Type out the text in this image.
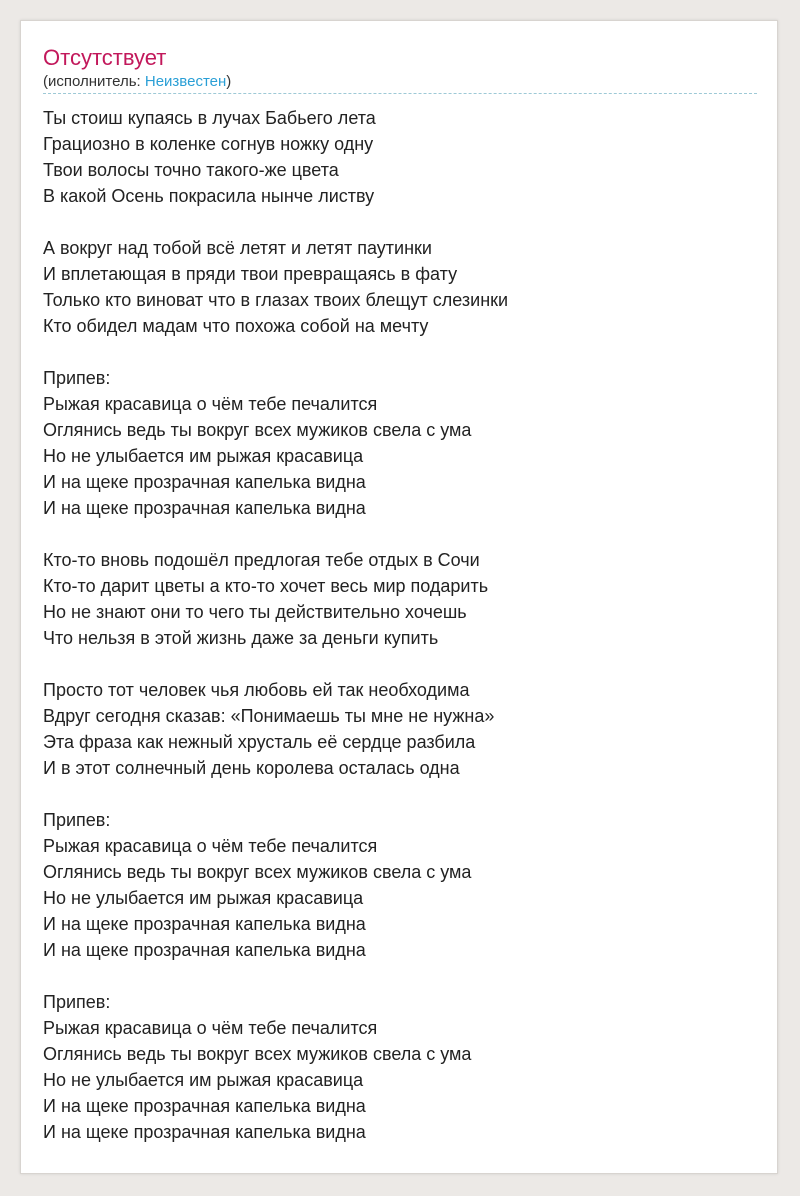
Отсутствует
(исполнитель: Неизвестен)
Ты стоиш купаясь в лучах Бабьего лета
Грациозно в коленке согнув ножку одну
Твои волосы точно такого-же цвета
В какой Осень покрасила нынче листву
А вокруг над тобой всё летят и летят паутинки
И вплетающая в пряди твои превращаясь в фату
Только кто виноват что в глазах твоих блещут слезинки
Кто обидел мадам что похожа собой на мечту
Припев:
Рыжая красавица о чём тебе печалится
Оглянись ведь ты вокруг всех мужиков свела с ума
Но не улыбается им рыжая красавица
И на щеке прозрачная капелька видна
И на щеке прозрачная капелька видна
Кто-то вновь подошёл предлогая тебе отдых в Сочи
Кто-то дарит цветы а кто-то хочет весь мир подарить
Но не знают они то чего ты действительно хочешь
Что нельзя в этой жизнь даже за деньги купить
Просто тот человек чья любовь ей так необходима
Вдруг сегодня сказав: «Понимаешь ты мне не нужна»
Эта фраза как нежный хрусталь её сердце разбила
И в этот солнечный день королева осталась одна
Припев:
Рыжая красавица о чём тебе печалится
Оглянись ведь ты вокруг всех мужиков свела с ума
Но не улыбается им рыжая красавица
И на щеке прозрачная капелька видна
И на щеке прозрачная капелька видна
Припев:
Рыжая красавица о чём тебе печалится
Оглянись ведь ты вокруг всех мужиков свела с ума
Но не улыбается им рыжая красавица
И на щеке прозрачная капелька видна
И на щеке прозрачная капелька видна
